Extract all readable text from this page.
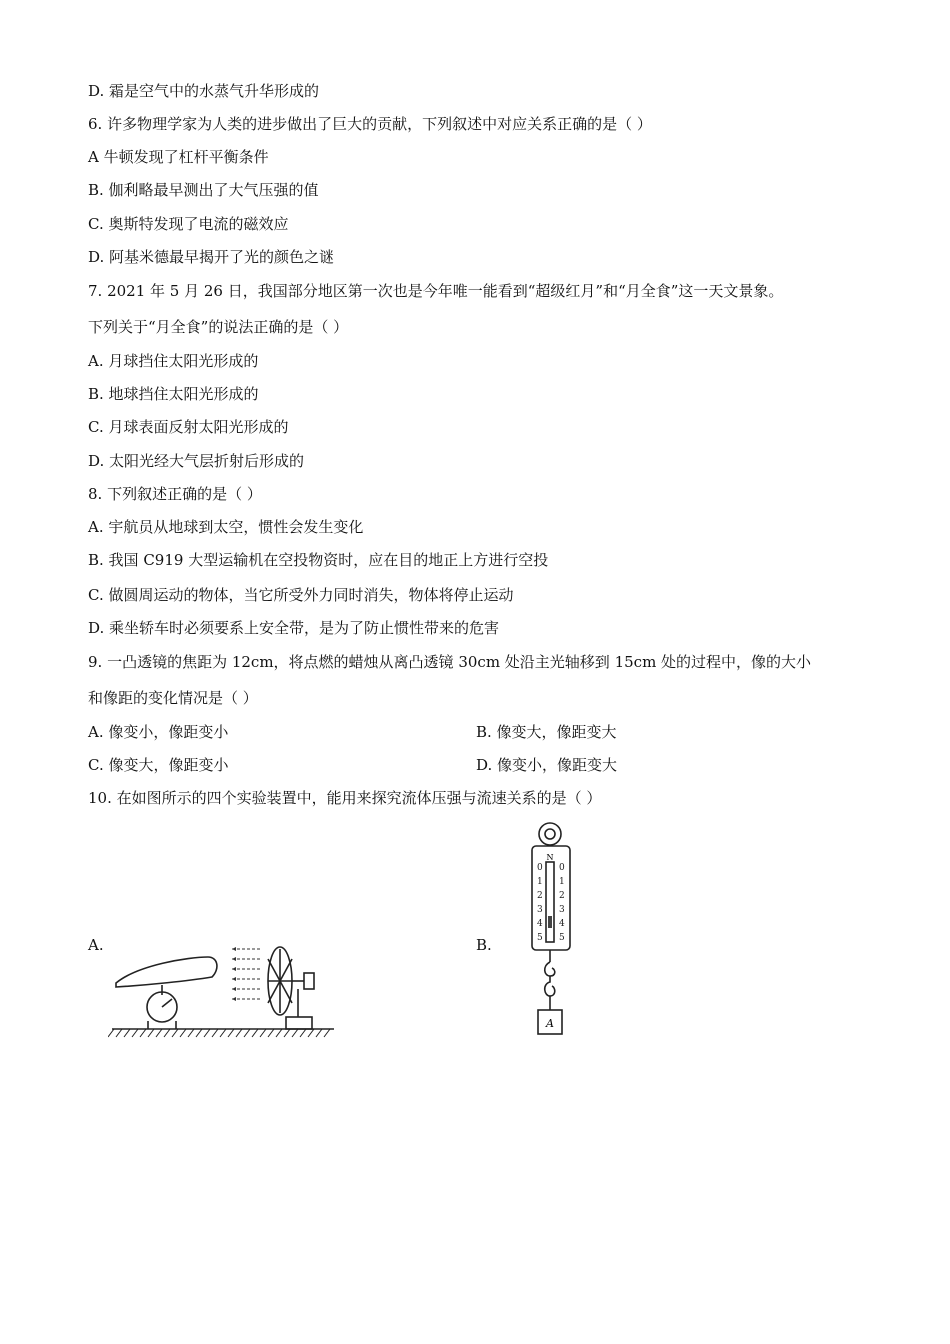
D. 霜是空气中的水蒸气升华形成的
6. 许多物理学家为人类的进步做出了巨大的贡献，下列叙述中对应关系正确的是（ ）
A 牛顿发现了杠杆平衡条件
B. 伽利略最早测出了大气压强的值
C. 奥斯特发现了电流的磁效应
D. 阿基米德最早揭开了光的颜色之谜
7. 2021 年 5 月 26 日，我国部分地区第一次也是今年唯一能看到“超级红月”和“月全食”这一天文景象。
下列关于“月全食”的说法正确的是（ ）
A. 月球挡住太阳光形成的
B. 地球挡住太阳光形成的
C. 月球表面反射太阳光形成的
D. 太阳光经大气层折射后形成的
8. 下列叙述正确的是（ ）
A. 宇航员从地球到太空，惯性会发生变化
B. 我国 C919 大型运输机在空投物资时，应在目的地正上方进行空投
C. 做圆周运动的物体，当它所受外力同时消失，物体将停止运动
D. 乘坐轿车时必须要系上安全带，是为了防止惯性带来的危害
9. 一凸透镜的焦距为 12cm，将点燃的蜡烛从离凸透镜 30cm 处沿主光轴移到 15cm 处的过程中，像的大小
和像距的变化情况是（ ）
A. 像变小，像距变小	B. 像变大，像距变大
C. 像变大，像距变小	D. 像变小，像距变大
10. 在如图所示的四个实验装置中，能用来探究流体压强与流速关系的是（ ）
A.	B.
N
0
1
2
3
4
5
0
1
2
3
4
5
A
